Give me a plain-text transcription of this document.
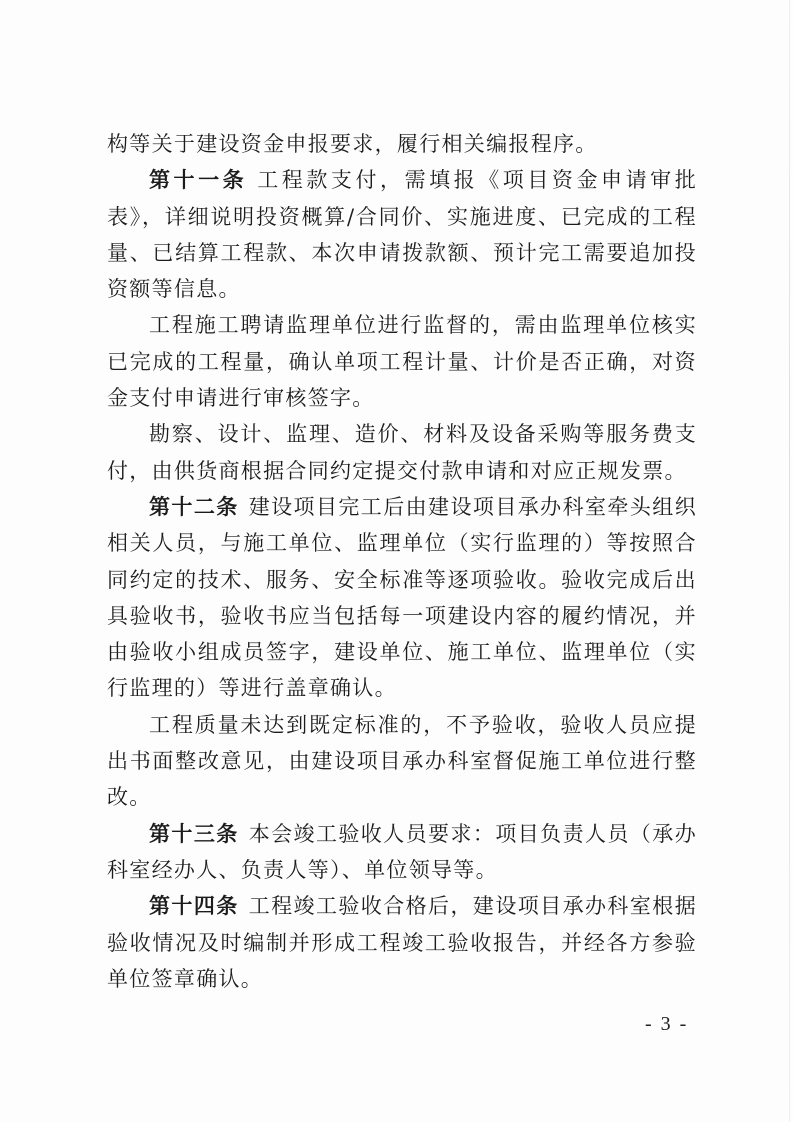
构等关于建设资金申报要求，履行相关编报程序。

第十一条 工程款支付，需填报《项目资金申请审批表》，详细说明投资概算/合同价、实施进度、已完成的工程量、已结算工程款、本次申请拨款额、预计完工需要追加投资额等信息。

工程施工聘请监理单位进行监督的，需由监理单位核实已完成的工程量，确认单项工程计量、计价是否正确，对资金支付申请进行审核签字。

勘察、设计、监理、造价、材料及设备采购等服务费支付，由供货商根据合同约定提交付款申请和对应正规发票。

第十二条 建设项目完工后由建设项目承办科室牵头组织相关人员，与施工单位、监理单位（实行监理的）等按照合同约定的技术、服务、安全标准等逐项验收。验收完成后出具验收书，验收书应当包括每一项建设内容的履约情况，并由验收小组成员签字，建设单位、施工单位、监理单位（实行监理的）等进行盖章确认。

工程质量未达到既定标准的，不予验收，验收人员应提出书面整改意见，由建设项目承办科室督促施工单位进行整改。

第十三条 本会竣工验收人员要求：项目负责人员（承办科室经办人、负责人等）、单位领导等。

第十四条 工程竣工验收合格后，建设项目承办科室根据验收情况及时编制并形成工程竣工验收报告，并经各方参验单位签章确认。

- 3 -
